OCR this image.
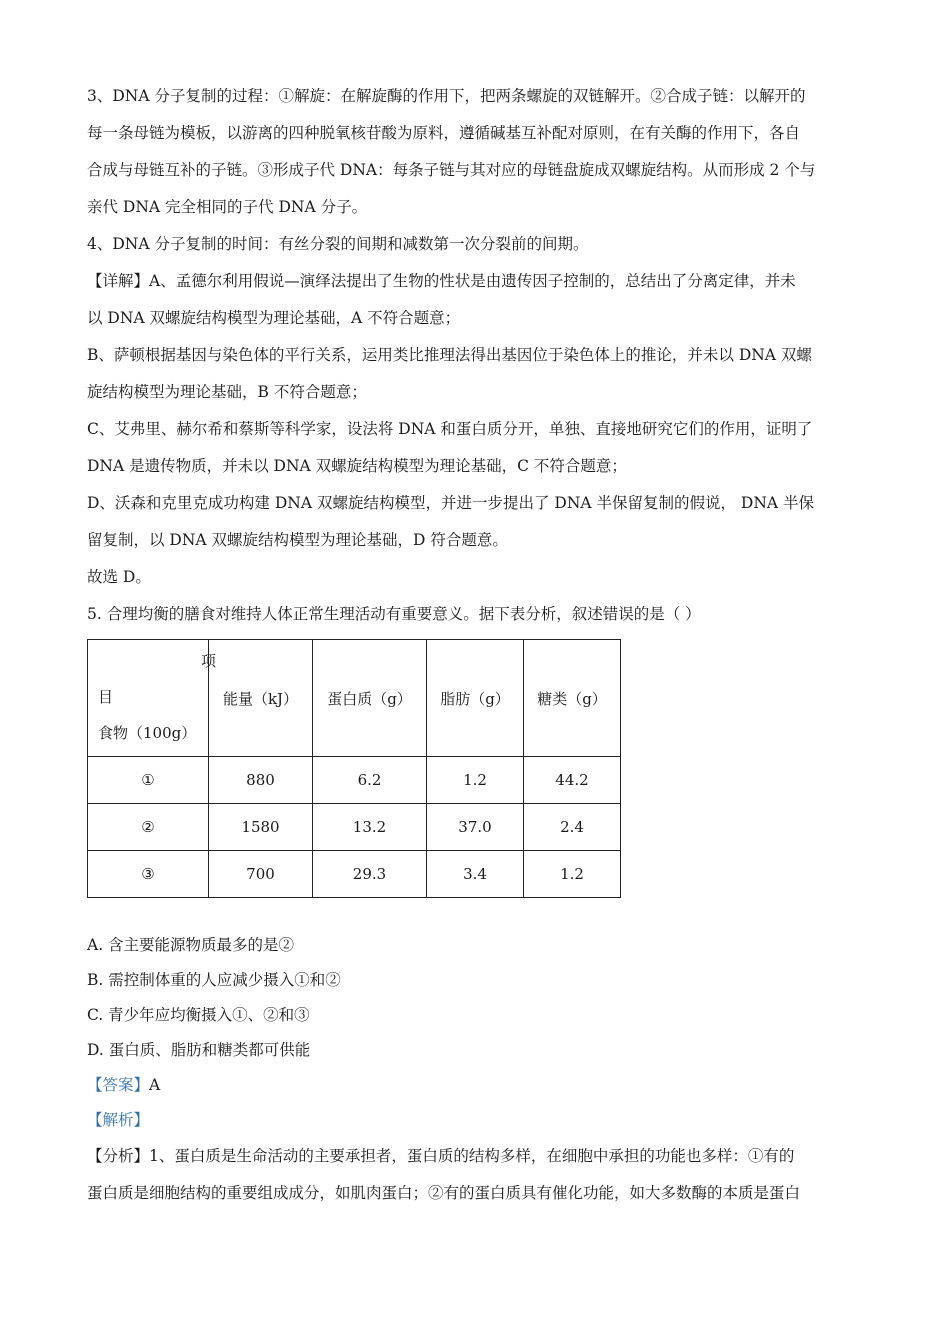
3、DNA 分子复制的过程：①解旋：在解旋酶的作用下，把两条螺旋的双链解开。②合成子链：以解开的

每一条母链为模板，以游离的四种脱氧核苷酸为原料，遵循碱基互补配对原则，在有关酶的作用下，各自

合成与母链互补的子链。③形成子代 DNA：每条子链与其对应的母链盘旋成双螺旋结构。从而形成 2 个与

亲代 DNA 完全相同的子代 DNA 分子。

4、DNA 分子复制的时间：有丝分裂的间期和减数第一次分裂前的间期。

【详解】A、孟德尔利用假说—演绎法提出了生物的性状是由遗传因子控制的，总结出了分离定律，并未

以 DNA 双螺旋结构模型为理论基础，A 不符合题意；

B、萨顿根据基因与染色体的平行关系，运用类比推理法得出基因位于染色体上的推论，并未以 DNA 双螺

旋结构模型为理论基础，B 不符合题意；

C、艾弗里、赫尔希和蔡斯等科学家，设法将 DNA 和蛋白质分开，单独、直接地研究它们的作用，证明了

DNA 是遗传物质，并未以 DNA 双螺旋结构模型为理论基础，C 不符合题意；

D、沃森和克里克成功构建 DNA 双螺旋结构模型，并进一步提出了 DNA 半保留复制的假说， DNA 半保

留复制，以 DNA 双螺旋结构模型为理论基础，D 符合题意。

故选 D。

5. 合理均衡的膳食对维持人体正常生理活动有重要意义。据下表分析，叙述错误的是（ ）

项
目
食物（100g）	能量（kJ）	蛋白质（g）	脂肪（g）	糖类（g）
①	880	6.2	1.2	44.2
②	1580	13.2	37.0	2.4
③	700	29.3	3.4	1.2

A. 含主要能源物质最多的是②

B. 需控制体重的人应减少摄入①和②

C. 青少年应均衡摄入①、②和③

D. 蛋白质、脂肪和糖类都可供能

【答案】A

【解析】

【分析】1、蛋白质是生命活动的主要承担者，蛋白质的结构多样，在细胞中承担的功能也多样：①有的

蛋白质是细胞结构的重要组成成分，如肌肉蛋白；②有的蛋白质具有催化功能，如大多数酶的本质是蛋白
